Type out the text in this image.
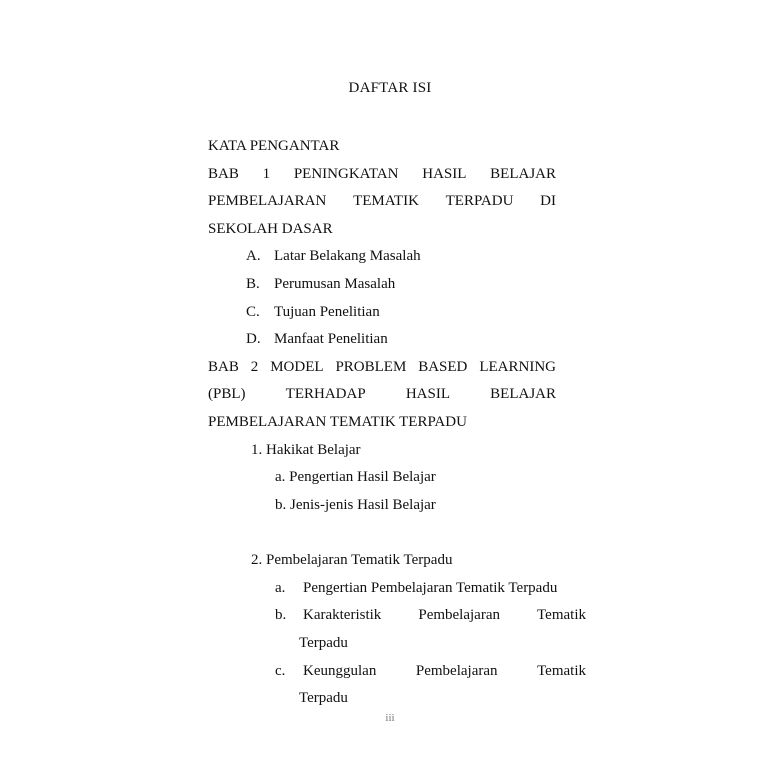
DAFTAR ISI
KATA PENGANTAR
BAB 1 PENINGKATAN HASIL BELAJAR
PEMBELAJARAN TEMATIK TERPADU DI
SEKOLAH DASAR
A. Latar Belakang Masalah
B. Perumusan Masalah
C. Tujuan Penelitian
D. Manfaat Penelitian
BAB 2 MODEL PROBLEM BASED LEARNING
(PBL)	TERHADAP	HASIL	BELAJAR
PEMBELAJARAN TEMATIK TERPADU
1. Hakikat Belajar
a. Pengertian Hasil Belajar
b. Jenis-jenis Hasil Belajar
2. Pembelajaran Tematik Terpadu
a. Pengertian Pembelajaran Tematik Terpadu
b.	Karakteristik Pembelajaran Tematik
Terpadu
c.	Keunggulan	Pembelajaran	Tematik
Terpadu
iii
